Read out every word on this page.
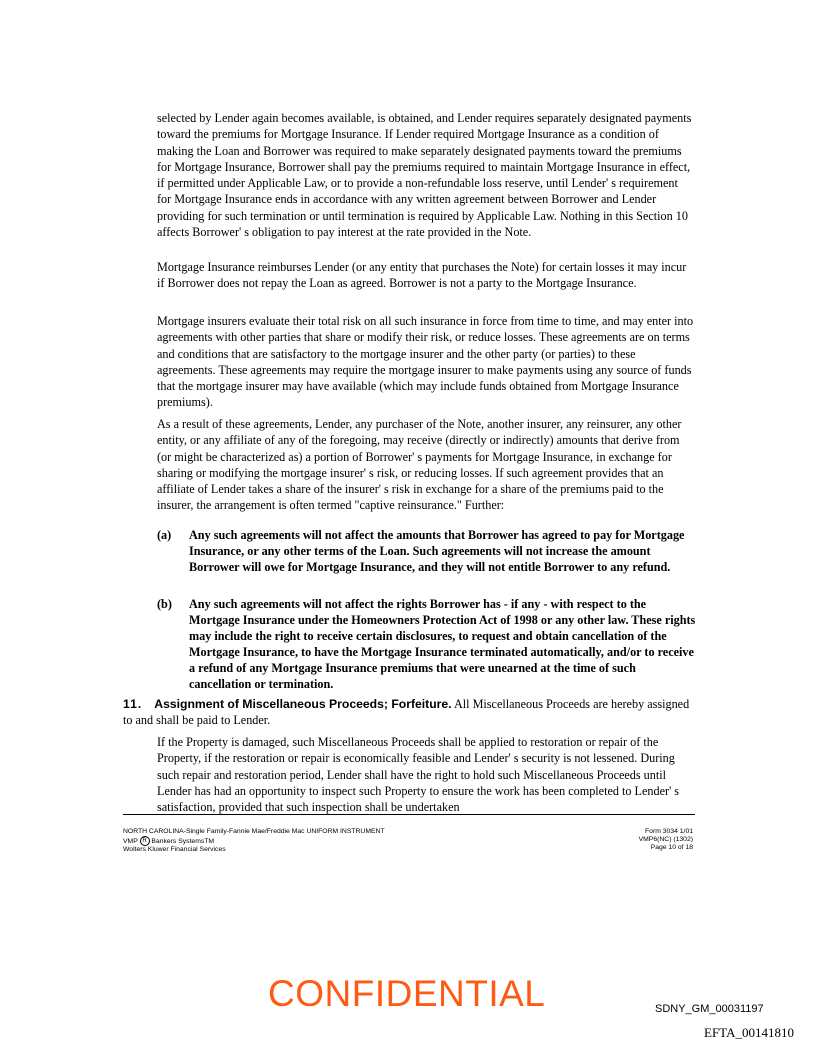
selected by Lender again becomes available, is obtained, and Lender requires separately designated payments toward the premiums for Mortgage Insurance. If Lender required Mortgage Insurance as a condition of making the Loan and Borrower was required to make separately designated payments toward the premiums for Mortgage Insurance, Borrower shall pay the premiums required to maintain Mortgage Insurance in effect, if permitted under Applicable Law, or to provide a non-refundable loss reserve, until Lender' s requirement for Mortgage Insurance ends in accordance with any written agreement between Borrower and Lender providing for such termination or until termination is required by Applicable Law. Nothing in this Section 10 affects Borrower' s obligation to pay interest at the rate provided in the Note.

Mortgage Insurance reimburses Lender (or any entity that purchases the Note) for certain losses it may incur if Borrower does not repay the Loan as agreed. Borrower is not a party to the Mortgage Insurance.

Mortgage insurers evaluate their total risk on all such insurance in force from time to time, and may enter into agreements with other parties that share or modify their risk, or reduce losses. These agreements are on terms and conditions that are satisfactory to the mortgage insurer and the other party (or parties) to these agreements. These agreements may require the mortgage insurer to make payments using any source of funds that the mortgage insurer may have available (which may include funds obtained from Mortgage Insurance premiums).

As a result of these agreements, Lender, any purchaser of the Note, another insurer, any reinsurer, any other entity, or any affiliate of any of the foregoing, may receive (directly or indirectly) amounts that derive from (or might be characterized as) a portion of Borrower' s payments for Mortgage Insurance, in exchange for sharing or modifying the mortgage insurer' s risk, or reducing losses. If such agreement provides that an affiliate of Lender takes a share of the insurer' s risk in exchange for a share of the premiums paid to the insurer, the arrangement is often termed "captive reinsurance." Further:

(a) Any such agreements will not affect the amounts that Borrower has agreed to pay for Mortgage Insurance, or any other terms of the Loan. Such agreements will not increase the amount Borrower will owe for Mortgage Insurance, and they will not entitle Borrower to any refund.
(b) Any such agreements will not affect the rights Borrower has - if any - with respect to the Mortgage Insurance under the Homeowners Protection Act of 1998 or any other law. These rights may include the right to receive certain disclosures, to request and obtain cancellation of the Mortgage Insurance, to have the Mortgage Insurance terminated automatically, and/or to receive a refund of any Mortgage Insurance premiums that were unearned at the time of such cancellation or termination.
11. Assignment of Miscellaneous Proceeds; Forfeiture. All Miscellaneous Proceeds are hereby assigned to and shall be paid to Lender.

If the Property is damaged, such Miscellaneous Proceeds shall be applied to restoration or repair of the Property, if the restoration or repair is economically feasible and Lender' s security is not lessened. During such repair and restoration period, Lender shall have the right to hold such Miscellaneous Proceeds until Lender has had an opportunity to inspect such Property to ensure the work has been completed to Lender' s satisfaction, provided that such inspection shall be undertaken

NORTH CAROLINA-Single Family-Fannie Mae/Freddie Mac UNIFORM INSTRUMENT
VMP R Bankers SystemsTM
Wolters Kluwer Financial Services
Form 3034 1/01
VMP6(NC) (1302)
Page 10 of 18
CONFIDENTIAL	SDNY_GM_00031197
EFTA_00141810
